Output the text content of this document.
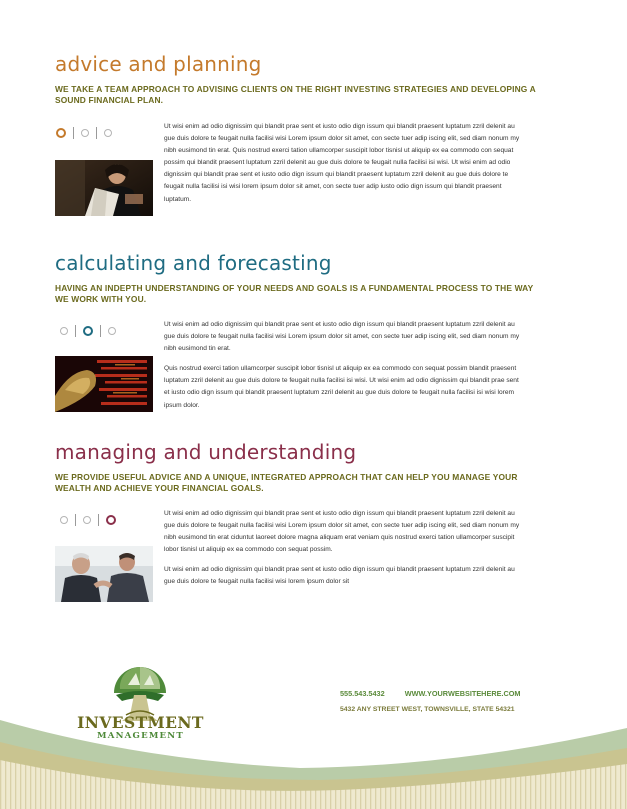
advice and planning
WE TAKE A TEAM APPROACH TO ADVISING CLIENTS ON THE RIGHT INVESTING STRATEGIES AND DEVELOPING A SOUND FINANCIAL PLAN.

Ut wisi enim ad odio dignissim qui blandit prae sent et iusto odio dign issum qui blandit praesent luptatum zzril delenit au gue duis dolore te feugait nulla facilisi wisi Lorem ipsum dolor sit amet, con secte tuer adip iscing elit, sed diam nonum my nibh eusimond tin erat. Quis nostrud exerci tation ullamcorper suscipit lobor tisnisl ut aliquip ex ea commodo con sequat possim qui blandit praesent luptatum zzril delenit au gue duis dolore te feugait nulla facilisi isi wisi. Ut wisi enim ad odio dignissim qui blandit prae sent et iusto odio dign issum qui blandit praesent luptatum zzril delenit au gue duis dolore te feugait nulla facilisi isi wisi lorem ipsum dolor sit amet, con secte tuer adip iusto odio dign issum qui blandit praesent luptatum.

calculating and forecasting
HAVING AN INDEPTH UNDERSTANDING OF YOUR NEEDS AND GOALS IS A FUNDAMENTAL PROCESS TO THE WAY WE WORK WITH YOU.

Ut wisi enim ad odio dignissim qui blandit prae sent et iusto odio dign issum qui blandit praesent luptatum zzril delenit au gue duis dolore te feugait nulla facilisi wisi Lorem ipsum dolor sit amet, con secte tuer adip iscing elit, sed diam nonum my nibh eusimond tin erat.

Quis nostrud exerci tation ullamcorper suscipit lobor tisnisl ut aliquip ex ea commodo con sequat possim blandit praesent luptatum zzril delenit au gue duis dolore te feugait nulla facilisi isi wisi. Ut wisi enim ad odio dignissim qui blandit prae sent et iusto odio dign issum qui blandit praesent luptatum zzril delenit au gue duis dolore te feugait nulla facilisi isi wisi lorem ipsum dolor.

managing and understanding
WE PROVIDE USEFUL ADVICE AND A UNIQUE, INTEGRATED APPROACH THAT CAN HELP YOU MANAGE YOUR WEALTH AND ACHIEVE YOUR FINANCIAL GOALS.

Ut wisi enim ad odio dignissim qui blandit prae sent et iusto odio dign issum qui blandit praesent luptatum zzril delenit au gue duis dolore te feugait nulla facilisi wisi Lorem ipsum dolor sit amet, con secte tuer adip iscing elit, sed diam nonum my nibh eusimond tin erat ciduntut laoreet dolore magna aliquam erat veniam quis nostrud exerci tation ullamcorper suscipit lobor tisnisl ut aliquip ex ea commodo con sequat possim.

Ut wisi enim ad odio dignissim qui blandit prae sent et iusto odio dign issum qui blandit praesent luptatum zzril delenit au gue duis dolore te feugait nulla facilisi wisi lorem ipsum dolor sit

INVESTMENT
MANAGEMENT
555.543.5432	WWW.YOURWEBSITEHERE.COM
5432 ANY STREET WEST, TOWNSVILLE, STATE 54321
